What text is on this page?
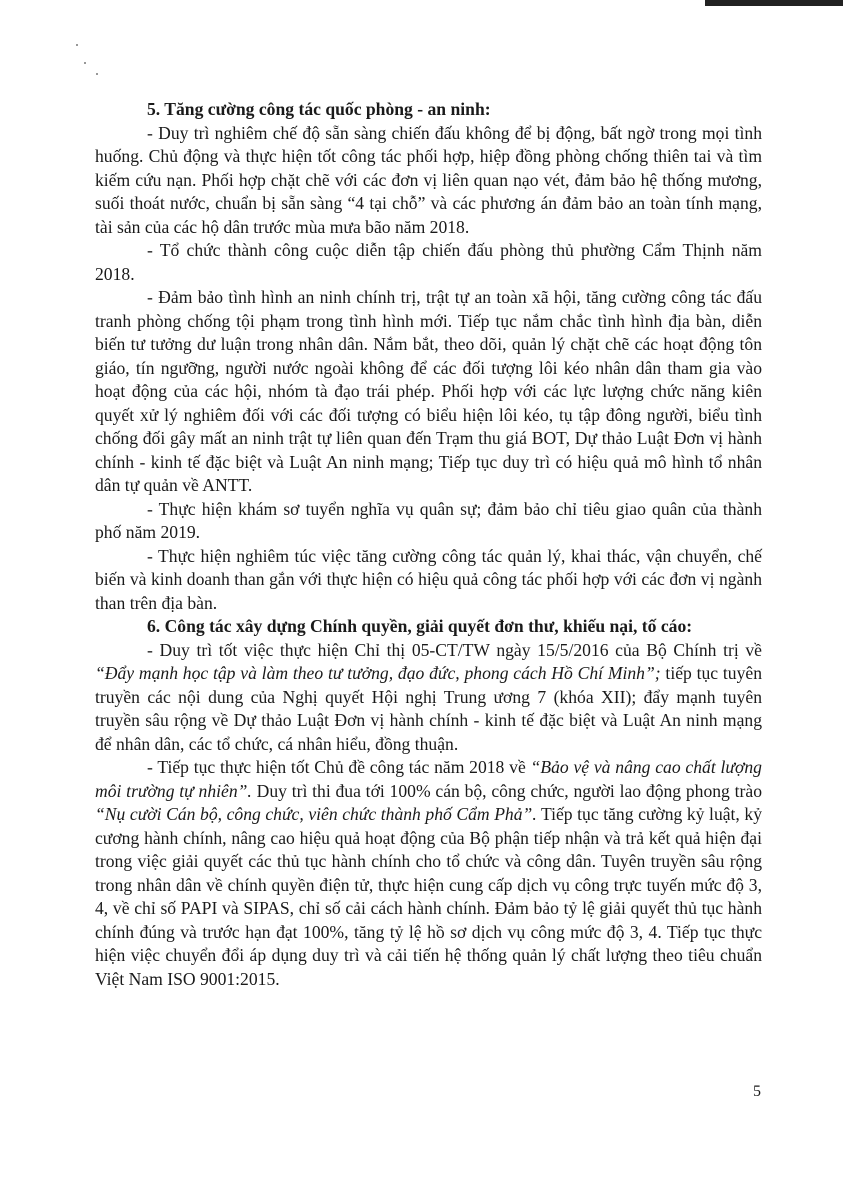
5. Tăng cường công tác quốc phòng - an ninh:

- Duy trì nghiêm chế độ sẵn sàng chiến đấu không để bị động, bất ngờ trong mọi tình huống. Chủ động và thực hiện tốt công tác phối hợp, hiệp đồng phòng chống thiên tai và tìm kiếm cứu nạn. Phối hợp chặt chẽ với các đơn vị liên quan nạo vét, đảm bảo hệ thống mương, suối thoát nước, chuẩn bị sẵn sàng “4 tại chỗ” và các phương án đảm bảo an toàn tính mạng, tài sản của các hộ dân trước mùa mưa bão năm 2018.

- Tổ chức thành công cuộc diễn tập chiến đấu phòng thủ phường Cẩm Thịnh năm 2018.

- Đảm bảo tình hình an ninh chính trị, trật tự an toàn xã hội, tăng cường công tác đấu tranh phòng chống tội phạm trong tình hình mới. Tiếp tục nắm chắc tình hình địa bàn, diễn biến tư tưởng dư luận trong nhân dân. Nắm bắt, theo dõi, quản lý chặt chẽ các hoạt động tôn giáo, tín ngưỡng, người nước ngoài không để các đối tượng lôi kéo nhân dân tham gia vào hoạt động của các hội, nhóm tà đạo trái phép. Phối hợp với các lực lượng chức năng kiên quyết xử lý nghiêm đối với các đối tượng có biểu hiện lôi kéo, tụ tập đông người, biểu tình chống đối gây mất an ninh trật tự liên quan đến Trạm thu giá BOT, Dự thảo Luật Đơn vị hành chính - kinh tế đặc biệt và Luật An ninh mạng; Tiếp tục duy trì có hiệu quả mô hình tổ nhân dân tự quản về ANTT.

- Thực hiện khám sơ tuyển nghĩa vụ quân sự; đảm bảo chỉ tiêu giao quân của thành phố năm 2019.

- Thực hiện nghiêm túc việc tăng cường công tác quản lý, khai thác, vận chuyển, chế biến và kinh doanh than gắn với thực hiện có hiệu quả công tác phối hợp với các đơn vị ngành than trên địa bàn.

6. Công tác xây dựng Chính quyền, giải quyết đơn thư, khiếu nại, tố cáo:

- Duy trì tốt việc thực hiện Chỉ thị 05-CT/TW ngày 15/5/2016 của Bộ Chính trị về “Đẩy mạnh học tập và làm theo tư tưởng, đạo đức, phong cách Hồ Chí Minh”; tiếp tục tuyên truyền các nội dung của Nghị quyết Hội nghị Trung ương 7 (khóa XII); đẩy mạnh tuyên truyền sâu rộng về Dự thảo Luật Đơn vị hành chính - kinh tế đặc biệt và Luật An ninh mạng để nhân dân, các tổ chức, cá nhân hiểu, đồng thuận.

- Tiếp tục thực hiện tốt Chủ đề công tác năm 2018 về “Bảo vệ và nâng cao chất lượng môi trường tự nhiên”. Duy trì thi đua tới 100% cán bộ, công chức, người lao động phong trào “Nụ cười Cán bộ, công chức, viên chức thành phố Cẩm Phả”. Tiếp tục tăng cường kỷ luật, kỷ cương hành chính, nâng cao hiệu quả hoạt động của Bộ phận tiếp nhận và trả kết quả hiện đại trong việc giải quyết các thủ tục hành chính cho tổ chức và công dân. Tuyên truyền sâu rộng trong nhân dân về chính quyền điện tử, thực hiện cung cấp dịch vụ công trực tuyến mức độ 3, 4, về chỉ số PAPI và SIPAS, chỉ số cải cách hành chính. Đảm bảo tỷ lệ giải quyết thủ tục hành chính đúng và trước hạn đạt 100%, tăng tỷ lệ hồ sơ dịch vụ công mức độ 3, 4. Tiếp tục thực hiện việc chuyển đổi áp dụng duy trì và cải tiến hệ thống quản lý chất lượng theo tiêu chuẩn Việt Nam ISO 9001:2015.

5
